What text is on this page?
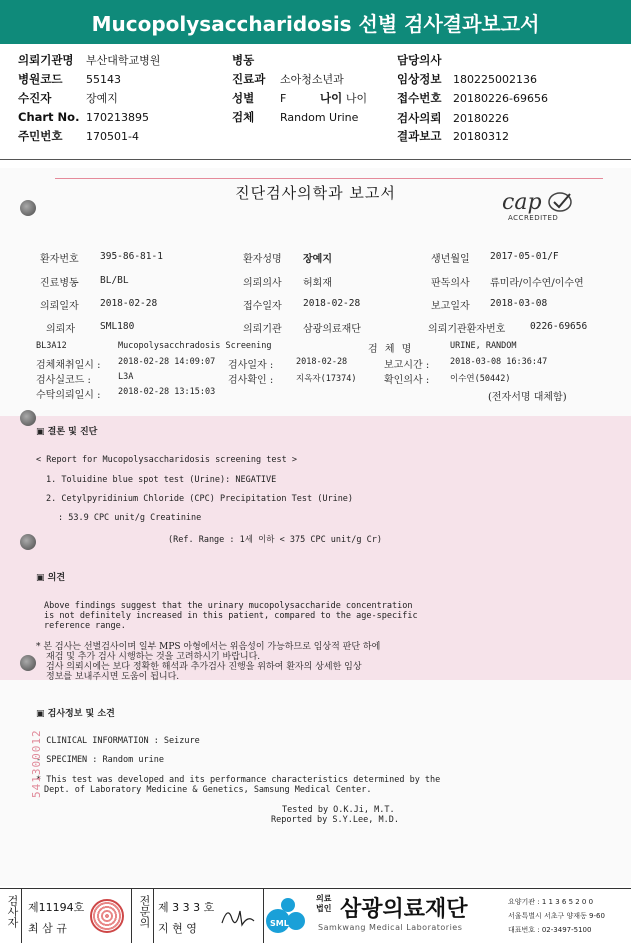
Mucopolysaccharidosis 선별 검사결과보고서
의뢰기관명 부산대학교병원
병원코드 55143
수진자	장예지
Chart No. 170213895
주민번호 170501-4
병동
진료과 소아청소년과
성별 F	나이 나이
검체 Random Urine
담당의사
임상정보 180225002136
접수번호 20180226-69656
검사의뢰 20180226
결과보고 20180312
진단검사의학과 보고서	cap
ACCREDITED
환자번호 395-86-81-1	환자성명 장예지	생년월일 2017-05-01/F
진료병동 BL/BL	의뢰의사 허회재	판독의사 류미라/이수연/이수연
의뢰일자 2018-02-28	접수일자 2018-02-28	보고일자 2018-03-08
의뢰자	SML180	의뢰기관 삼광의료재단	의뢰기관환자번호	0226-69656
BL3A12	Mucopolysacchradosis Screening	검 체 명	URINE, RANDOM
검체채취일시 : 2018-02-28 14:09:07 검사일자 :	2018-02-28	보고시간 : 2018-03-08 16:36:47
검사실코드 :	L3A	검사확인 :	지옥자(17374)	확인의사 : 이수연(50442)
수탁의뢰일시 : 2018-02-28 13:15:03	(전자서명 대체함)
▣ 결론 및 진단
< Report for Mucopolysaccharidosis screening test >
1. Toluidine blue spot test (Urine): NEGATIVE
2. Cetylpyridinium Chloride (CPC) Precipitation Test (Urine)
: 53.9 CPC unit/g Creatinine
(Ref. Range : 1세 이하 < 375 CPC unit/g Cr)
▣ 의견
Above findings suggest that the urinary mucopolysaccharide concentration
is not definitely increased in this patient, compared to the age-specific
reference range.
* 본 검사는 선별검사이며 일부 MPS 아형에서는 위음성이 가능하므로 임상적 판단 하에
재검 및 추가 검사 시행하는 것을 고려하시기 바랍니다.
검사 의뢰시에는 보다 정확한 해석과 추가검사 진행을 위하여 환자의 상세한 임상
정보를 보내주시면 도움이 됩니다.
▣ 검사정보 및 소견
- CLINICAL INFORMATION : Seizure
- SPECIMEN : Random urine
* This test was developed and its performance characteristics determined by the
Dept. of Laboratory Medicine & Genetics, Samsung Medical Center.
Tested by O.K.Ji, M.T.
Reported by S.Y.Lee, M.D.
541300012
검사자 제11194호
최 삼 규
전문의 제 3 3 3 호
지 현 영	SML
의료
법인 삼광의료재단
Samkwang Medical Laboratories
요양기관 : 1 1 3 6 5 2 0 0
서울특별시 서초구 양재동 9-60
대표번호 : 02-3497-5100
